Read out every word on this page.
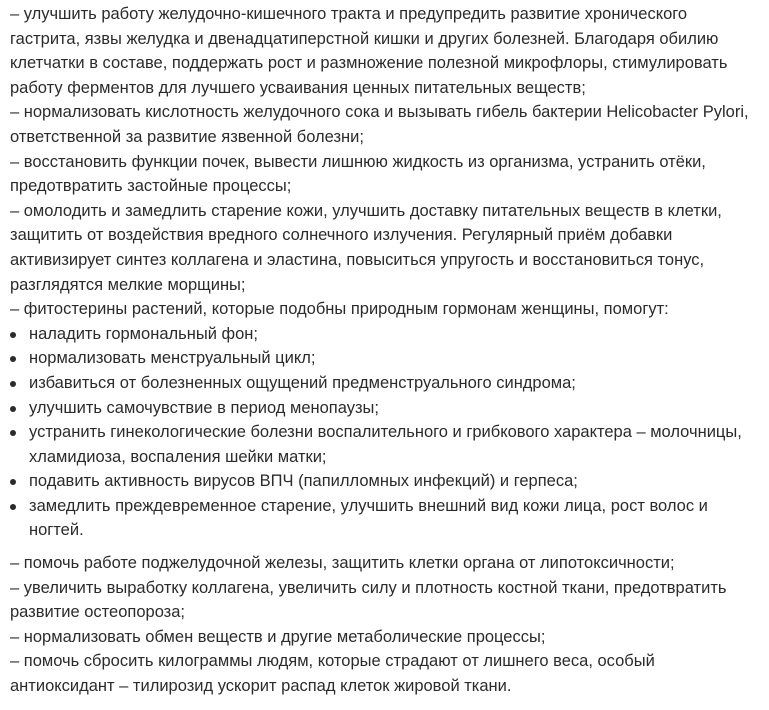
– улучшить работу желудочно-кишечного тракта и предупредить развитие хронического гастрита, язвы желудка и двенадцатиперстной кишки и других болезней. Благодаря обилию клетчатки в составе, поддержать рост и размножение полезной микрофлоры, стимулировать работу ферментов для лучшего усваивания ценных питательных веществ;

– нормализовать кислотность желудочного сока и вызывать гибель бактерии Helicobacter Pylori, ответственной за развитие язвенной болезни;

– восстановить функции почек, вывести лишнюю жидкость из организма, устранить отёки, предотвратить застойные процессы;

– омолодить и замедлить старение кожи, улучшить доставку питательных веществ в клетки, защитить от воздействия вредного солнечного излучения. Регулярный приём добавки активизирует синтез коллагена и эластина, повыситься упругость и восстановиться тонус, разглядятся мелкие морщины;

– фитостерины растений, которые подобны природным гормонам женщины, помогут:

наладить гормональный фон;
нормализовать менструальный цикл;
избавиться от болезненных ощущений предменструального синдрома;
улучшить самочувствие в период менопаузы;
устранить гинекологические болезни воспалительного и грибкового характера – молочницы, хламидиоза, воспаления шейки матки;
подавить активность вирусов ВПЧ (папилломных инфекций) и герпеса;
замедлить преждевременное старение, улучшить внешний вид кожи лица, рост волос и ногтей.

– помочь работе поджелудочной железы, защитить клетки органа от липотоксичности;

– увеличить выработку коллагена, увеличить силу и плотность костной ткани, предотвратить развитие остеопороза;

– нормализовать обмен веществ и другие метаболические процессы;

– помочь сбросить килограммы людям, которые страдают от лишнего веса, особый антиоксидант – тилирозид ускорит распад клеток жировой ткани.
